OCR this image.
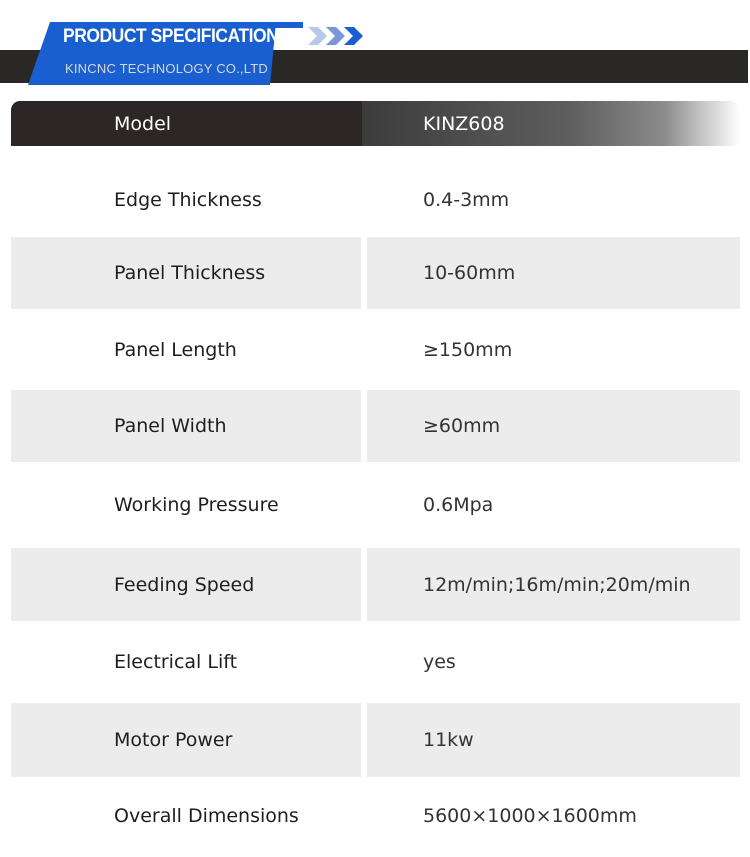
PRODUCT SPECIFICATION
KINCNC TECHNOLOGY CO.,LTD
Model	KINZ608
Edge Thickness	0.4-3mm
Panel Thickness	10-60mm
Panel Length	≥150mm
Panel Width	≥60mm
Working Pressure	0.6Mpa
Feeding Speed	12m/min;16m/min;20m/min
Electrical Lift	yes
Motor Power	11kw
Overall Dimensions	5600×1000×1600mm
